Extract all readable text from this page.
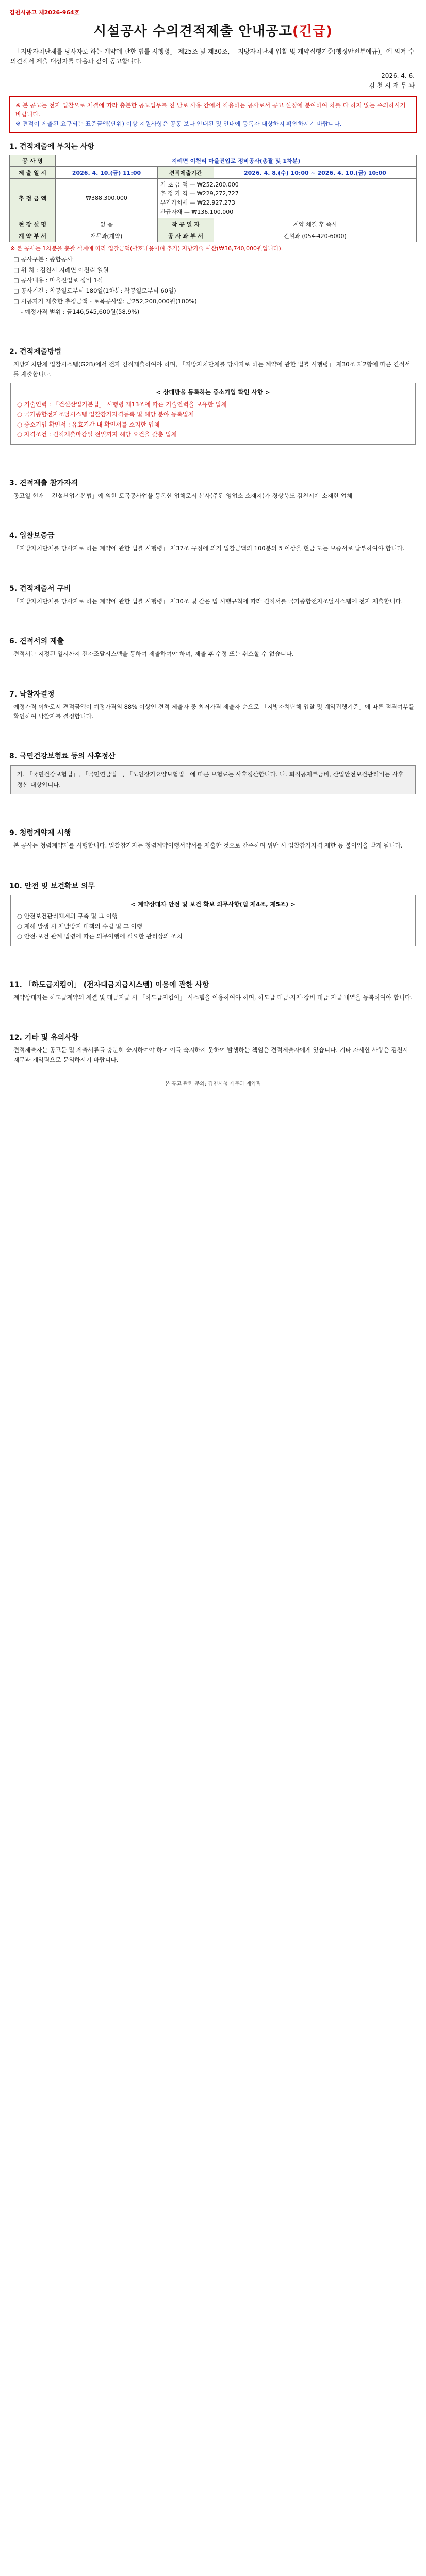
김천시공고 제2026-964호
시설공사 수의견적제출 안내공고(긴급)

「지방자치단체를 당사자로 하는 계약에 관한 법률 시행령」 제25조 및 제30조, 「지방자치단체 입찰 및 계약집행기준(행정안전부예규)」에 의거 수의견적서 제출 대상자를 다음과 같이 공고합니다.

2026. 4. 6.
김 천 시 재 무 과

※ 본 공고는 전자 입찰으로 체결에 따라 충분한 공고업무를 진 낭로 사용 간에서 적용하는 공사로서 공고 설정에 분여하여 차를 다 하지 않는 주의하시기 바랍니다.

※ 견적이 제출된 요구되는 표준금액(단위) 이상 지원사항은 공통 보다 안내된 및 안내에 등록자 대상하지 확인하시기 바랍니다.

1. 견적제출에 부치는 사항
공 사 명	지례면 이천리 마을진입로 정비공사(총괄 및 1차분)		
제 출 일 시	2026. 4. 10.(금) 11:00	견적제출기간	2026. 4. 8.(수) 10:00 ~ 2026. 4. 10.(금) 10:00
추 정 금 액	₩388,300,000	기 초 금 액 — ₩252,200,000
추 정 가 격 — ₩229,272,727
부가가치세 — ₩22,927,273
관급자재 — ₩136,100,000	

현 장 설 명	없 음	착 공 일 자	계약 체결 후 즉시
계 약 부 서	재무과(계약)	공 사 과 부 서	건설과 (054-420-6000)

※ 본 공사는 1차분을 총괄 설계에 따라 입찰금액(괄호내용이며 추가) 지방기술 예산(₩36,740,000원입니다).

□ 공사구분 : 종합공사

□ 위 치 : 김천시 지례면 이천리 일원

□ 공사내용 : 마을진입로 정비 1식

□ 공사기간 : 착공일로부터 180일(1차분: 착공일로부터 60일)

□ 시공자가 제출한 추정금액 - 토목공사업: 금252,200,000원(100%)

- 예정가격 범위 : 금146,545,600원(58.9%)

2. 견적제출방법

지방자치단체 입찰시스템(G2B)에서 전자 견적제출하여야 하며, 「지방자치단체를 당사자로 하는 계약에 관한 법률 시행령」 제30조 제2항에 따른 견적서를 제출합니다.

< 상대방을 등록하는 중소기업 확인 사항 >
○ 기술인력 : 「건설산업기본법」 시행령 제13조에 따른 기술인력을 보유한 업체
○ 국가종합전자조달시스템 입찰참가자격등록 및 해당 분야 등록업체
○ 중소기업 확인서 : 유효기간 내 확인서를 소지한 업체
○ 자격조건 : 견적제출마감일 전일까지 해당 요건을 갖춘 업체
3. 견적제출 참가자격

공고일 현재 「건설산업기본법」에 의한 토목공사업을 등록한 업체로서 본사(주된 영업소 소재지)가 경상북도 김천시에 소재한 업체

4. 입찰보증금

「지방자치단체를 당사자로 하는 계약에 관한 법률 시행령」 제37조 규정에 의거 입찰금액의 100분의 5 이상을 현금 또는 보증서로 납부하여야 합니다.

5. 견적제출서 구비

「지방자치단체를 당사자로 하는 계약에 관한 법률 시행령」 제30조 및 같은 법 시행규칙에 따라 견적서를 국가종합전자조달시스템에 전자 제출합니다.

6. 견적서의 제출

견적서는 지정된 일시까지 전자조달시스템을 통하여 제출하여야 하며, 제출 후 수정 또는 취소할 수 없습니다.

7. 낙찰자결정

예정가격 이하로서 견적금액이 예정가격의 88% 이상인 견적 제출자 중 최저가격 제출자 순으로 「지방자치단체 입찰 및 계약집행기준」에 따른 적격여부를 확인하여 낙찰자를 결정합니다.

8. 국민건강보험료 등의 사후정산
가. 「국민건강보험법」, 「국민연금법」, 「노인장기요양보험법」에 따른 보험료는 사후정산합니다. 나. 퇴직공제부금비, 산업안전보건관리비는 사후정산 대상입니다.
9. 청렴계약제 시행

본 공사는 청렴계약제를 시행합니다. 입찰참가자는 청렴계약이행서약서를 제출한 것으로 간주하며 위반 시 입찰참가자격 제한 등 불이익을 받게 됩니다.

10. 안전 및 보건확보 의무
< 계약상대자 안전 및 보건 확보 의무사항(법 제4조, 제5조) >
○ 안전보건관리체계의 구축 및 그 이행
○ 재해 발생 시 재발방지 대책의 수립 및 그 이행
○ 안전·보건 관계 법령에 따른 의무이행에 필요한 관리상의 조치
11. 「하도급지킴이」 (전자대금지급시스템) 이용에 관한 사항

계약상대자는 하도급계약의 체결 및 대금지급 시 「하도급지킴이」 시스템을 이용하여야 하며, 하도급 대금·자재·장비 대금 지급 내역을 등록하여야 합니다.

12. 기타 및 유의사항

견적제출자는 공고문 및 제출서류를 충분히 숙지하여야 하며 이를 숙지하지 못하여 발생하는 책임은 견적제출자에게 있습니다. 기타 자세한 사항은 김천시 재무과 계약팀으로 문의하시기 바랍니다.

본 공고 관련 문의: 김천시청 재무과 계약팀
